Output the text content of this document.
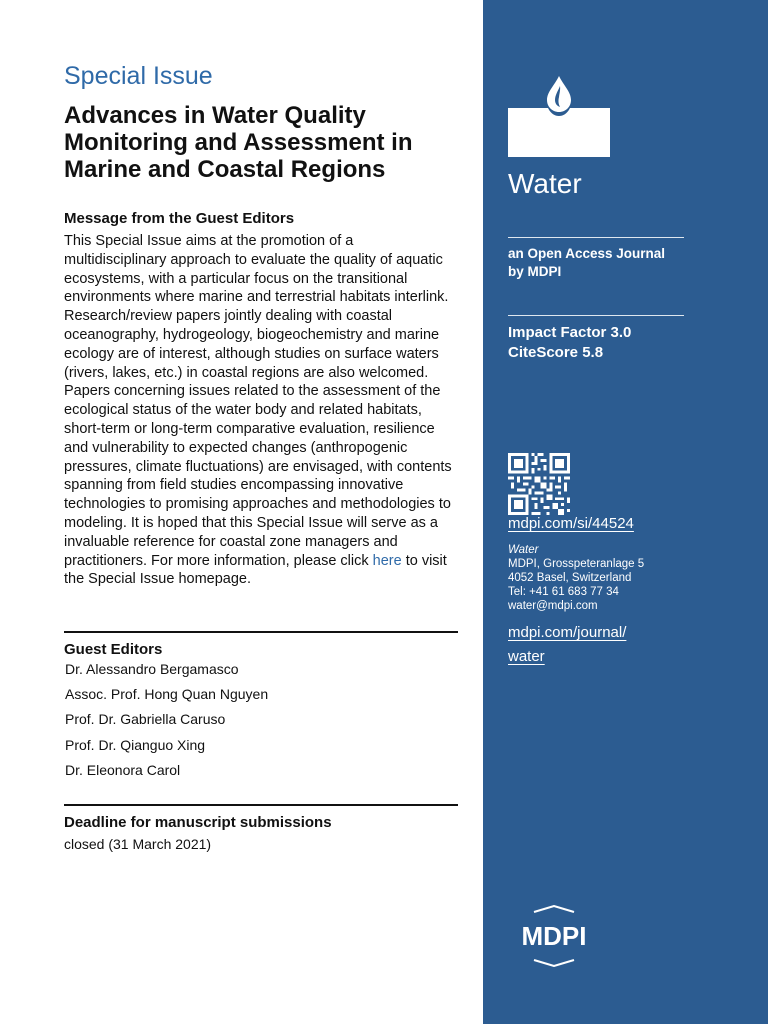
Special Issue
Advances in Water Quality Monitoring and Assessment in Marine and Coastal Regions
Message from the Guest Editors
This Special Issue aims at the promotion of a multidisciplinary approach to evaluate the quality of aquatic ecosystems, with a particular focus on the transitional environments where marine and terrestrial habitats interlink. Research/review papers jointly dealing with coastal oceanography, hydrogeology, biogeochemistry and marine ecology are of interest, although studies on surface waters (rivers, lakes, etc.) in coastal regions are also welcomed. Papers concerning issues related to the assessment of the ecological status of the water body and related habitats, short-term or long-term comparative evaluation, resilience and vulnerability to expected changes (anthropogenic pressures, climate fluctuations) are envisaged, with contents spanning from field studies encompassing innovative technologies to promising approaches and methodologies to modeling. It is hoped that this Special Issue will serve as a invaluable reference for coastal zone managers and practitioners. For more information, please click here to visit the Special Issue homepage.
Guest Editors
Dr. Alessandro Bergamasco
Assoc. Prof. Hong Quan Nguyen
Prof. Dr. Gabriella Caruso
Prof. Dr. Qianguo Xing
Dr. Eleonora Carol
Deadline for manuscript submissions
closed (31 March 2021)
Water
an Open Access Journal
by MDPI
Impact Factor 3.0
CiteScore 5.8
mdpi.com/si/44524
Water
MDPI, Grosspeteranlage 5
4052 Basel, Switzerland
Tel: +41 61 683 77 34
water@mdpi.com
mdpi.com/journal/
water
MDPI
